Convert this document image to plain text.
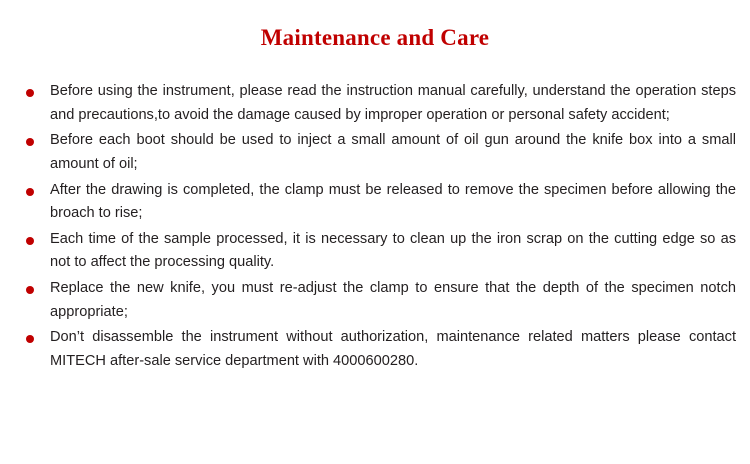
Maintenance and Care
Before using the instrument, please read the instruction manual carefully, understand the operation steps and precautions,to avoid the damage caused by improper operation or personal safety accident;
Before each boot should be used to inject a small amount of oil gun around the knife box into a small amount of oil;
After the drawing is completed, the clamp must be released to remove the specimen before allowing the broach to rise;
Each time of the sample processed, it is necessary to clean up the iron scrap on the cutting edge so as not to affect the processing quality.
Replace the new knife, you must re-adjust the clamp to ensure that the depth of the specimen notch appropriate;
Don’t disassemble the instrument without authorization, maintenance related matters please contact MITECH after-sale service department with 4000600280.
